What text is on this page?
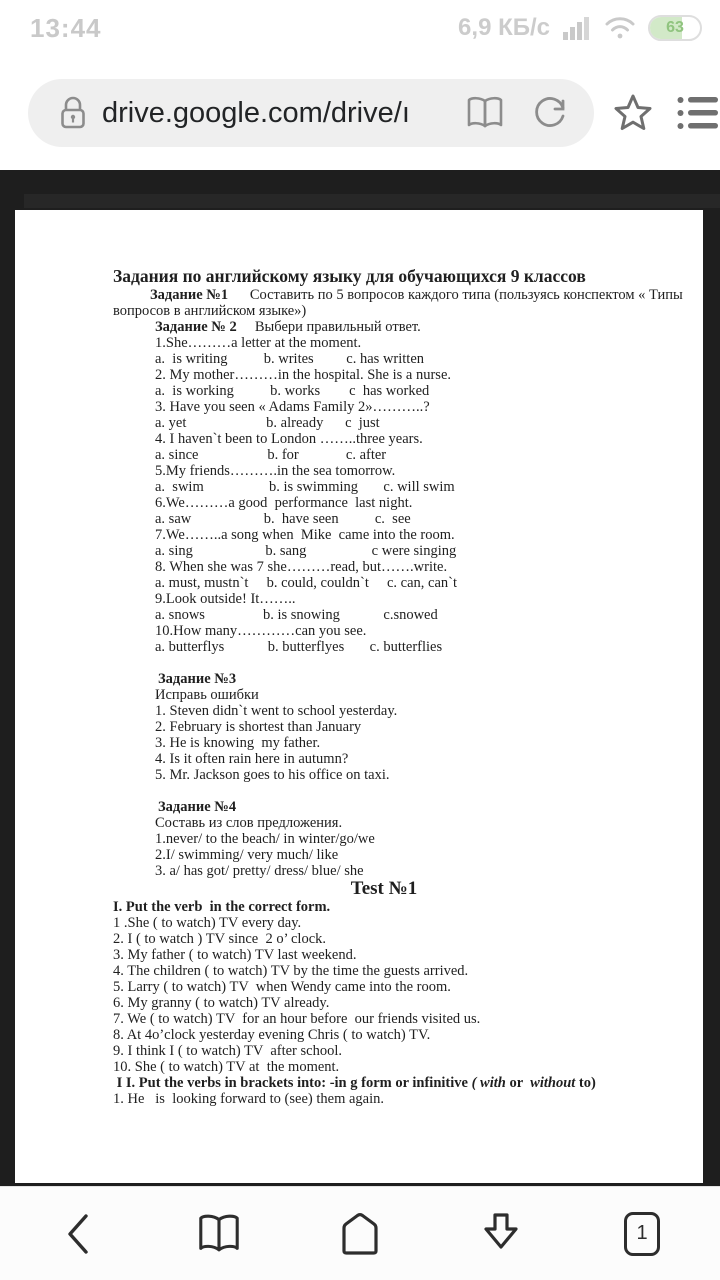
13:44	6,9 КБ/с	63
drive.google.com/drive/ı
Задания по английскому языку для обучающихся 9 классов
Задание №1      Составить по 5 вопросов каждого типа (пользуясь конспектом « Типы
вопросов в английском языке»)
Задание № 2     Выбери правильный ответ.
1.She………a letter at the moment.
a.  is writing          b. writes         c. has written
2. My mother………in the hospital. She is a nurse.
a.  is working          b. works        c  has worked
3. Have you seen « Adams Family 2»………..?
a. yet                      b. already      c  just
4. I haven`t been to London ……..three years.
a. since                   b. for             c. after
5.My friends……….in the sea tomorrow.
a.  swim                  b. is swimming       c. will swim
6.We………a good  performance  last night.
a. saw                    b.  have seen          c.  see
7.We……..a song when  Mike  came into the room.
a. sing                    b. sang                  c were singing
8. When she was 7 she………read, but…….write.
a. must, mustn`t     b. could, couldn`t     c. can, can`t
9.Look outside! It……..
a. snows                b. is snowing            c.snowed
10.How many…………can you see.
a. butterflys            b. butterflyes       c. butterflies

Задание №3
Исправь ошибки
1. Steven didn`t went to school yesterday.
2. February is shortest than January
3. He is knowing  my father.
4. Is it often rain here in autumn?
5. Mr. Jackson goes to his office on taxi.

Задание №4
Составь из слов предложения.
1.never/ to the beach/ in winter/go/we
2.I/ swimming/ very much/ like
3. a/ has got/ pretty/ dress/ blue/ she
Test №1
I. Put the verb  in the correct form.
1 .She ( to watch) TV every day.
2. I ( to watch ) TV since  2 o’ clock.
3. My father ( to watch) TV last weekend.
4. The children ( to watch) TV by the time the guests arrived.
5. Larry ( to watch) TV  when Wendy came into the room.
6. My granny ( to watch) TV already.
7. We ( to watch) TV  for an hour before  our friends visited us.
8. At 4o’clock yesterday evening Chris ( to watch) TV.
9. I think I ( to watch) TV  after school.
10. She ( to watch) TV at  the moment.
I I. Put the verbs in brackets into: -in g form or infinitive ( with or  without to)
1. He   is  looking forward to (see) them again.
1
